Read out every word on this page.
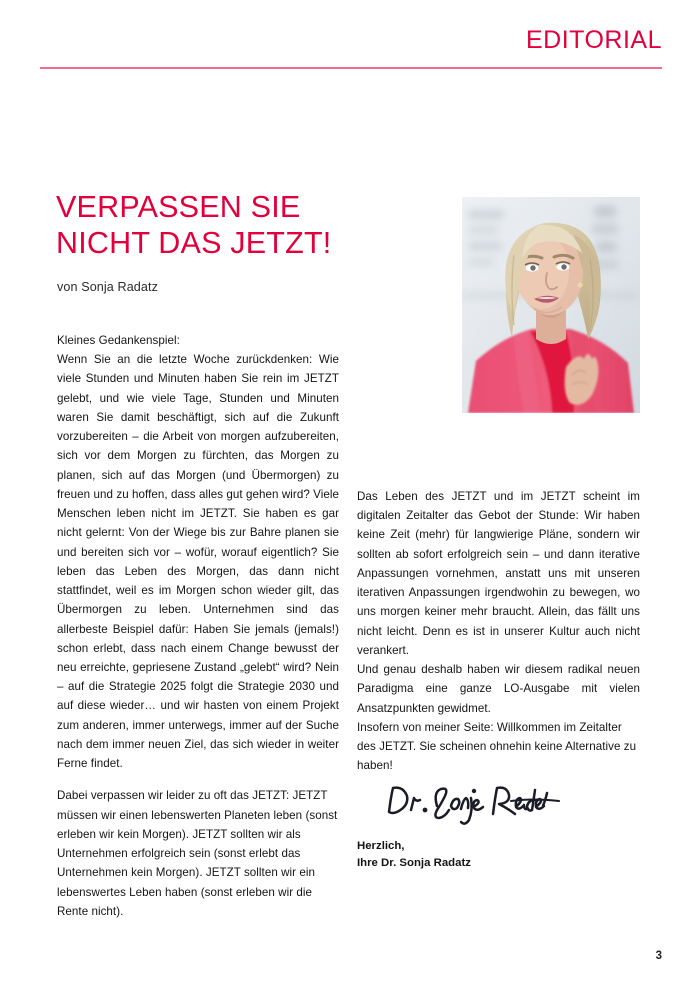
EDITORIAL
VERPASSEN SIE
NICHT DAS JETZT!
von Sonja Radatz

Kleines Gedankenspiel:

Wenn Sie an die letzte Woche zurückdenken: Wie viele Stunden und Minuten haben Sie rein im JETZT gelebt, und wie viele Tage, Stunden und Minuten waren Sie damit beschäftigt, sich auf die Zukunft vorzubereiten – die Arbeit von morgen aufzubereiten, sich vor dem Morgen zu fürchten, das Morgen zu planen, sich auf das Morgen (und Übermorgen) zu freuen und zu hoffen, dass alles gut gehen wird? Viele Menschen leben nicht im JETZT. Sie haben es gar nicht gelernt: Von der Wiege bis zur Bahre planen sie und bereiten sich vor – wofür, worauf eigentlich? Sie leben das Leben des Morgen, das dann nicht stattfindet, weil es im Morgen schon wieder gilt, das Übermorgen zu leben. Unternehmen sind das allerbeste Beispiel dafür: Haben Sie jemals (jemals!) schon erlebt, dass nach einem Change bewusst der neu erreichte, gepriesene Zustand „gelebt“ wird? Nein – auf die Strategie 2025 folgt die Strategie 2030 und auf diese wieder… und wir hasten von einem Projekt zum anderen, immer unterwegs, immer auf der Suche nach dem immer neuen Ziel, das sich wieder in weiter Ferne findet.

Dabei verpassen wir leider zu oft das JETZT: JETZT müssen wir einen lebenswerten Planeten leben (sonst erleben wir kein Morgen). JETZT sollten wir als Unternehmen erfolgreich sein (sonst erlebt das Unternehmen kein Morgen). JETZT sollten wir ein lebenswertes Leben haben (sonst erleben wir die Rente nicht).

Das Leben des JETZT und im JETZT scheint im digitalen Zeitalter das Gebot der Stunde: Wir haben keine Zeit (mehr) für langwierige Pläne, sondern wir sollten ab sofort erfolgreich sein – und dann iterative Anpassungen vornehmen, anstatt uns mit unseren iterativen Anpassungen irgendwohin zu bewegen, wo uns morgen keiner mehr braucht. Allein, das fällt uns nicht leicht. Denn es ist in unserer Kultur auch nicht verankert.

Und genau deshalb haben wir diesem radikal neuen Paradigma eine ganze LO-Ausgabe mit vielen Ansatzpunkten gewidmet.

Insofern von meiner Seite: Willkommen im Zeitalter des JETZT. Sie scheinen ohnehin keine Alternative zu haben!

Herzlich,
Ihre Dr. Sonja Radatz
3
